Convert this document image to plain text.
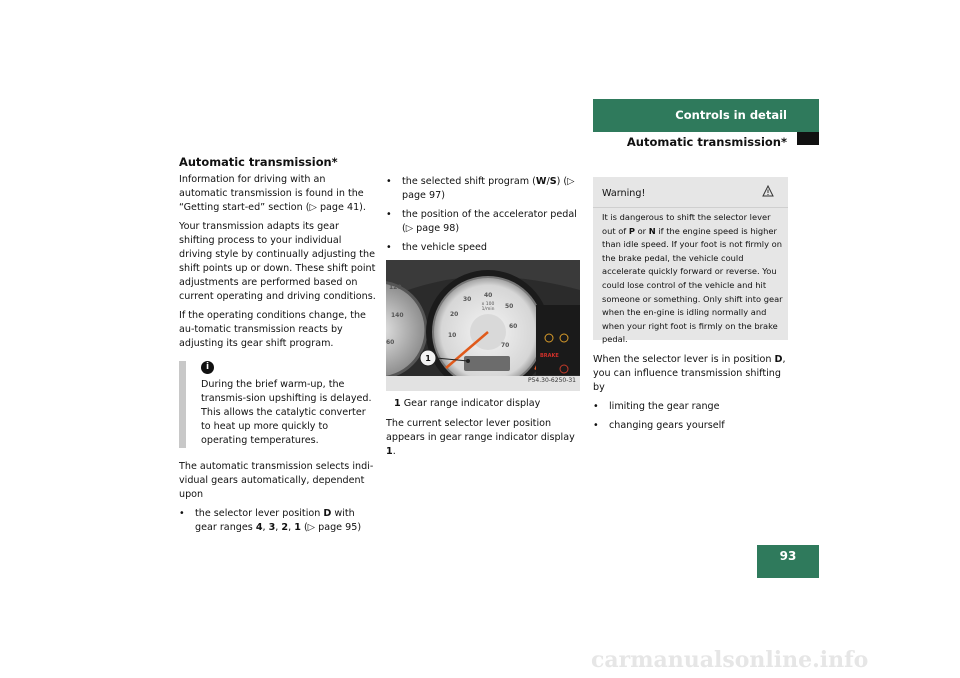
Controls in detail
Automatic transmission*
Automatic transmission*

Information for driving with an automatic transmission is found in the “Getting start-ed” section (▷ page 41).

Your transmission adapts its gear shifting process to your individual driving style by continually adjusting the shift points up or down. These shift point adjustments are performed based on current operating and driving conditions.

If the operating conditions change, the au-tomatic transmission reacts by adjusting its gear shift program.

i
During the brief warm-up, the transmis-sion upshifting is delayed. This allows the catalytic converter to heat up more quickly to operating temperatures.

The automatic transmission selects indi-vidual gears automatically, dependent upon

• the selector lever position D with gear ranges 4, 3, 2, 1 (▷ page 95)
• the selected shift program (W/S) (▷ page 97)
• the position of the accelerator pedal (▷ page 98)
• the vehicle speed
120
140
60
10
20
30
40
50
60
70
x 100
1/min
BRAKE
1
P54.30-6250-31

1 Gear range indicator display

The current selector lever position appears in gear range indicator display 1.

Warning!
It is dangerous to shift the selector lever out of P or N if the engine speed is higher than idle speed. If your foot is not firmly on the brake pedal, the vehicle could accelerate quickly forward or reverse. You could lose control of the vehicle and hit someone or something. Only shift into gear when the en-gine is idling normally and when your right foot is firmly on the brake pedal.

When the selector lever is in position D, you can influence transmission shifting by

• limiting the gear range
• changing gears yourself
93
carmanualsonline.info
